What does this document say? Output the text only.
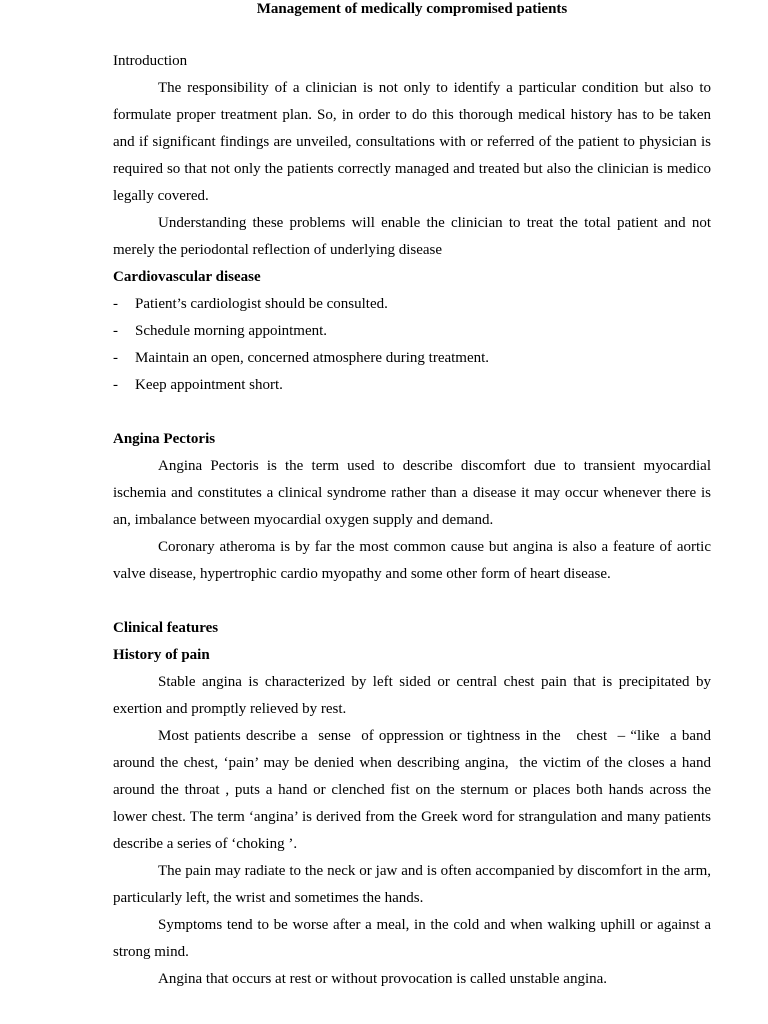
Management of medically compromised patients

Introduction

The responsibility of a clinician is not only to identify a particular condition but also to formulate proper treatment plan. So, in order to do this thorough medical history has to be taken and if significant findings are unveiled, consultations with or referred of the patient to physician is required so that not only the patients correctly managed and treated but also the clinician is medico legally covered.

Understanding these problems will enable the clinician to treat the total patient and not merely the periodontal reflection of underlying disease

Cardiovascular disease

- Patient’s cardiologist should be consulted.
- Schedule morning appointment.
- Maintain an open, concerned atmosphere during treatment.
- Keep appointment short.

Angina Pectoris

Angina Pectoris is the term used to describe discomfort due to transient myocardial ischemia and constitutes a clinical syndrome rather than a disease it may occur whenever there is an, imbalance between myocardial oxygen supply and demand.

Coronary atheroma is by far the most common cause but angina is also a feature of aortic valve disease, hypertrophic cardio myopathy and some other form of heart disease.

Clinical features

History of pain

Stable angina is characterized by left sided or central chest pain that is precipitated by exertion and promptly relieved by rest.

Most patients describe a  sense  of oppression or tightness in the   chest  – “like  a band around the chest, ‘pain’ may be denied when describing angina,  the victim of the closes a hand around the throat , puts a hand or clenched fist on the sternum or places both hands across the lower chest. The term ‘angina’ is derived from the Greek word for strangulation and many patients describe a series of ‘choking ’.

The pain may radiate to the neck or jaw and is often accompanied by discomfort in the arm, particularly left, the wrist and sometimes the hands.

Symptoms tend to be worse after a meal, in the cold and when walking uphill or against a strong mind.

Angina that occurs at rest or without provocation is called unstable angina.
